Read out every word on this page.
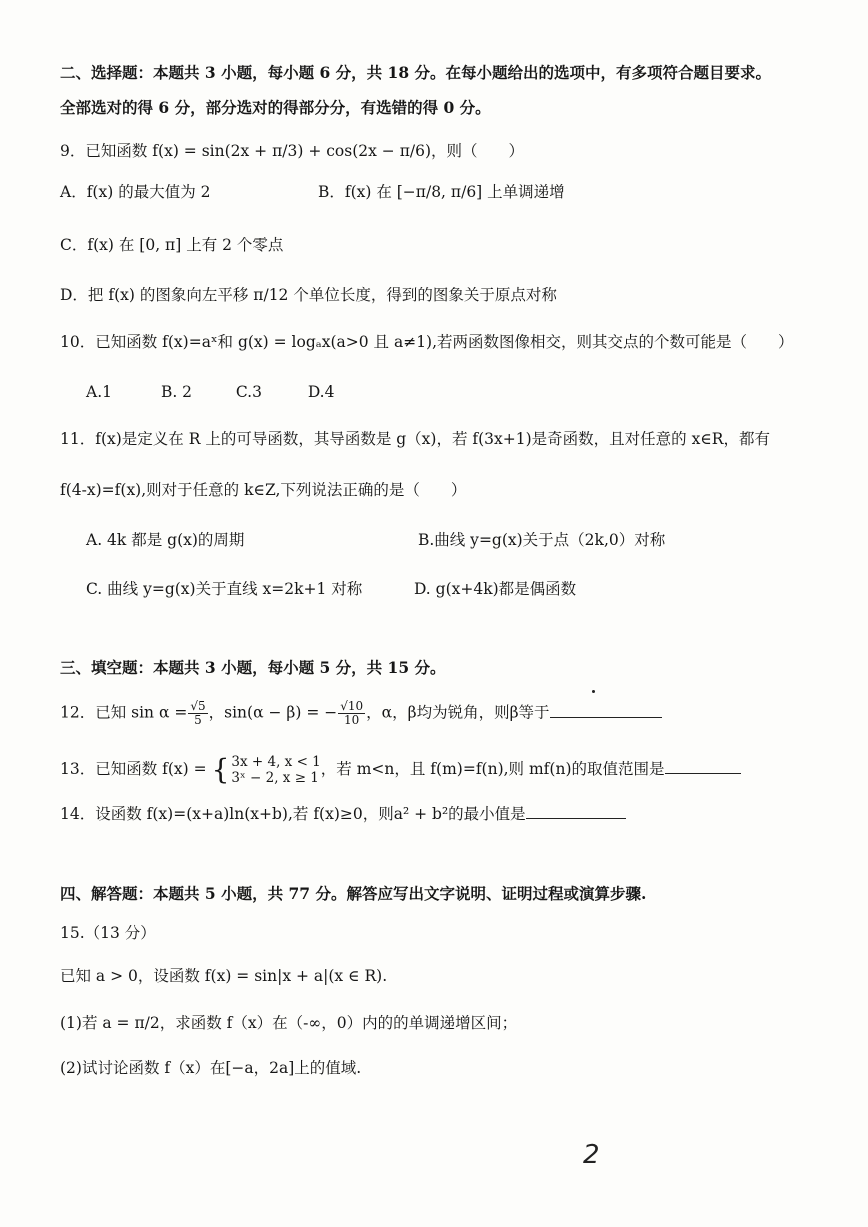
二、选择题：本题共 3 小题，每小题 6 分，共 18 分。在每小题给出的选项中，有多项符合题目要求。
全部选对的得 6 分，部分选对的得部分分，有选错的得 0 分。
9．已知函数 f(x) = sin(2x + π/3) + cos(2x − π/6)，则（　　）
A．f(x) 的最大值为 2	B．f(x) 在 [−π/8, π/6] 上单调递增
C．f(x) 在 [0, π] 上有 2 个零点
D．把 f(x) 的图象向左平移 π/12 个单位长度，得到的图象关于原点对称
10．已知函数 f(x)=aˣ和 g(x) = logₐx(a>0 且 a≠1),若两函数图像相交，则其交点的个数可能是（　　）
A.1	B. 2	C.3	D.4
11．f(x)是定义在 R 上的可导函数，其导函数是 g（x)，若 f(3x+1)是奇函数，且对任意的 x∈R，都有
f(4-x)=f(x),则对于任意的 k∈Z,下列说法正确的是（　　）
A. 4k 都是 g(x)的周期	B.曲线 y=g(x)关于点（2k,0）对称
C. 曲线 y=g(x)关于直线 x=2k+1 对称	D. g(x+4k)都是偶函数
三、填空题：本题共 3 小题，每小题 5 分，共 15 分。
12．已知 $\sin \alpha = \frac{√5}{5}$ ，sin(α − β) = − $\frac{√10}{10}$ ，α，β均为锐角，则β等于
13．已知函数 f(x) = { 3x + 4, x < 1
3ˣ − 2, x ≥ 1 ，若 m<n，且 f(m)=f(n),则 mf(n)的取值范围是
14．设函数 f(x)=(x+a)ln(x+b),若 f(x)≥0，则a² + b²的最小值是
四、解答题：本题共 5 小题，共 77 分。解答应写出文字说明、证明过程或演算步骤.
15.（13 分）
已知 a > 0，设函数 f(x) = sin|x + a|(x ∈ R).
(1)若 a = π/2，求函数 f（x）在（-∞，0）内的的单调递增区间；
(2)试讨论函数 f（x）在[−a，2a]上的值域.
2
